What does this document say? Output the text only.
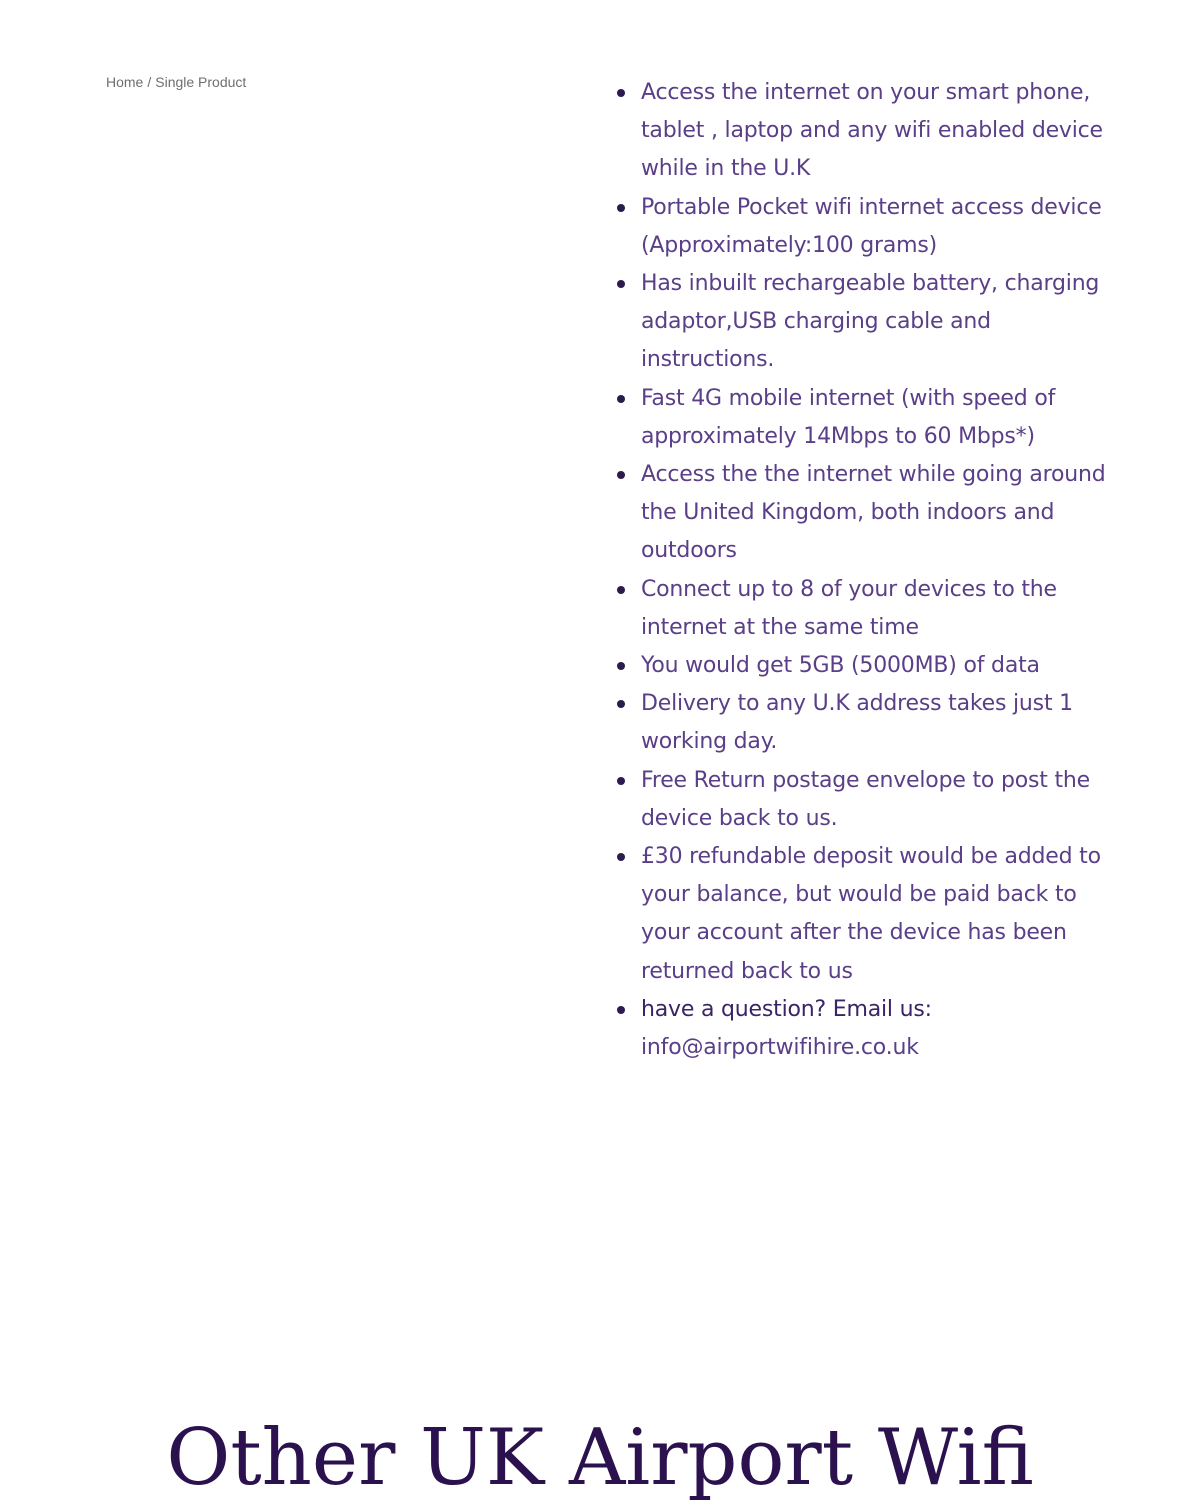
Home / Single Product	Access the internet on your smart phone, tablet , laptop and any wifi enabled device while in the U.K
Portable Pocket wifi internet access device (Approximately:100 grams)
Has inbuilt rechargeable battery, charging adaptor,USB charging cable and instructions.
Fast 4G mobile internet (with speed of approximately 14Mbps to 60 Mbps*)
Access the the internet while going around the United Kingdom, both indoors and outdoors
Connect up to 8 of your devices to the internet at the same time
You would get 5GB (5000MB) of data
Delivery to any U.K address takes just 1 working day.
Free Return postage envelope to post the device back to us.
£30 refundable deposit would be added to your balance, but would be paid back to your account after the device has been returned back to us
have a question? Email us: info@airportwifihire.co.uk
Other UK Airport Wifi
